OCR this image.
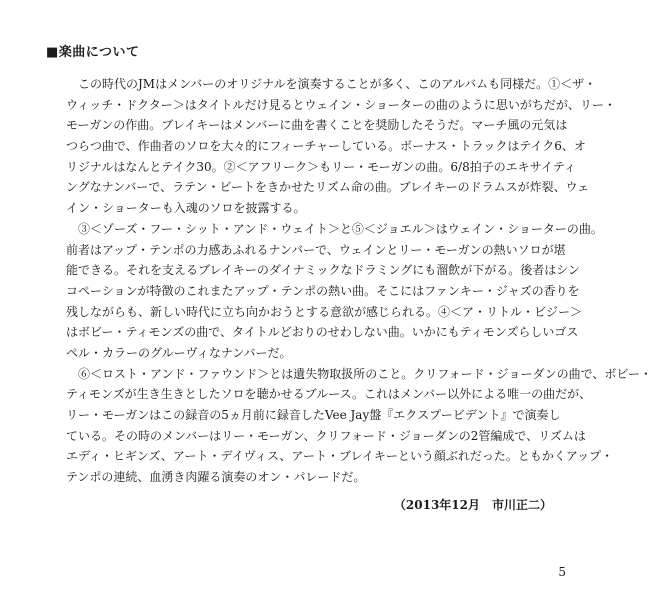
■楽曲について
　この時代のJMはメンバーのオリジナルを演奏することが多く、このアルバムも同様だ。①＜ザ・
ウィッチ・ドクター＞はタイトルだけ見るとウェイン・ショーターの曲のように思いがちだが、リー・
モーガンの作曲。ブレイキーはメンバーに曲を書くことを奨励したそうだ。マーチ風の元気は
つらつ曲で、作曲者のソロを大々的にフィーチャーしている。ボーナス・トラックはテイク6、オ
リジナルはなんとテイク30。②＜アフリーク＞もリー・モーガンの曲。6/8拍子のエキサイティ
ングなナンバーで、ラテン・ビートをきかせたリズム命の曲。ブレイキーのドラムスが炸裂、ウェ
イン・ショーターも入魂のソロを披露する。
　③＜ゾーズ・フー・シット・アンド・ウェイト＞と⑤＜ジョエル＞はウェイン・ショーターの曲。
前者はアップ・テンポの力感あふれるナンバーで、ウェインとリー・モーガンの熱いソロが堪
能できる。それを支えるブレイキーのダイナミックなドラミングにも溜飲が下がる。後者はシン
コペーションが特徴のこれまたアップ・テンポの熱い曲。そこにはファンキー・ジャズの香りを
残しながらも、新しい時代に立ち向かおうとする意欲が感じられる。④＜ア・リトル・ビジー＞
はボビー・ティモンズの曲で、タイトルどおりのせわしない曲。いかにもティモンズらしいゴス
ペル・カラーのグルーヴィなナンバーだ。
　⑥＜ロスト・アンド・ファウンド＞とは遺失物取扱所のこと。クリフォード・ジョーダンの曲で、ボビー・
ティモンズが生き生きとしたソロを聴かせるブルース。これはメンバー以外による唯一の曲だが、
リー・モーガンはこの録音の5ヵ月前に録音したVee Jay盤『エクスプービデント』で演奏し
ている。その時のメンバーはリー・モーガン、クリフォード・ジョーダンの2管編成で、リズムは
エディ・ヒギンズ、アート・デイヴィス、アート・ブレイキーという顔ぶれだった。ともかくアップ・
テンポの連続、血湧き肉躍る演奏のオン・パレードだ。
（2013年12月　市川正二）
5
